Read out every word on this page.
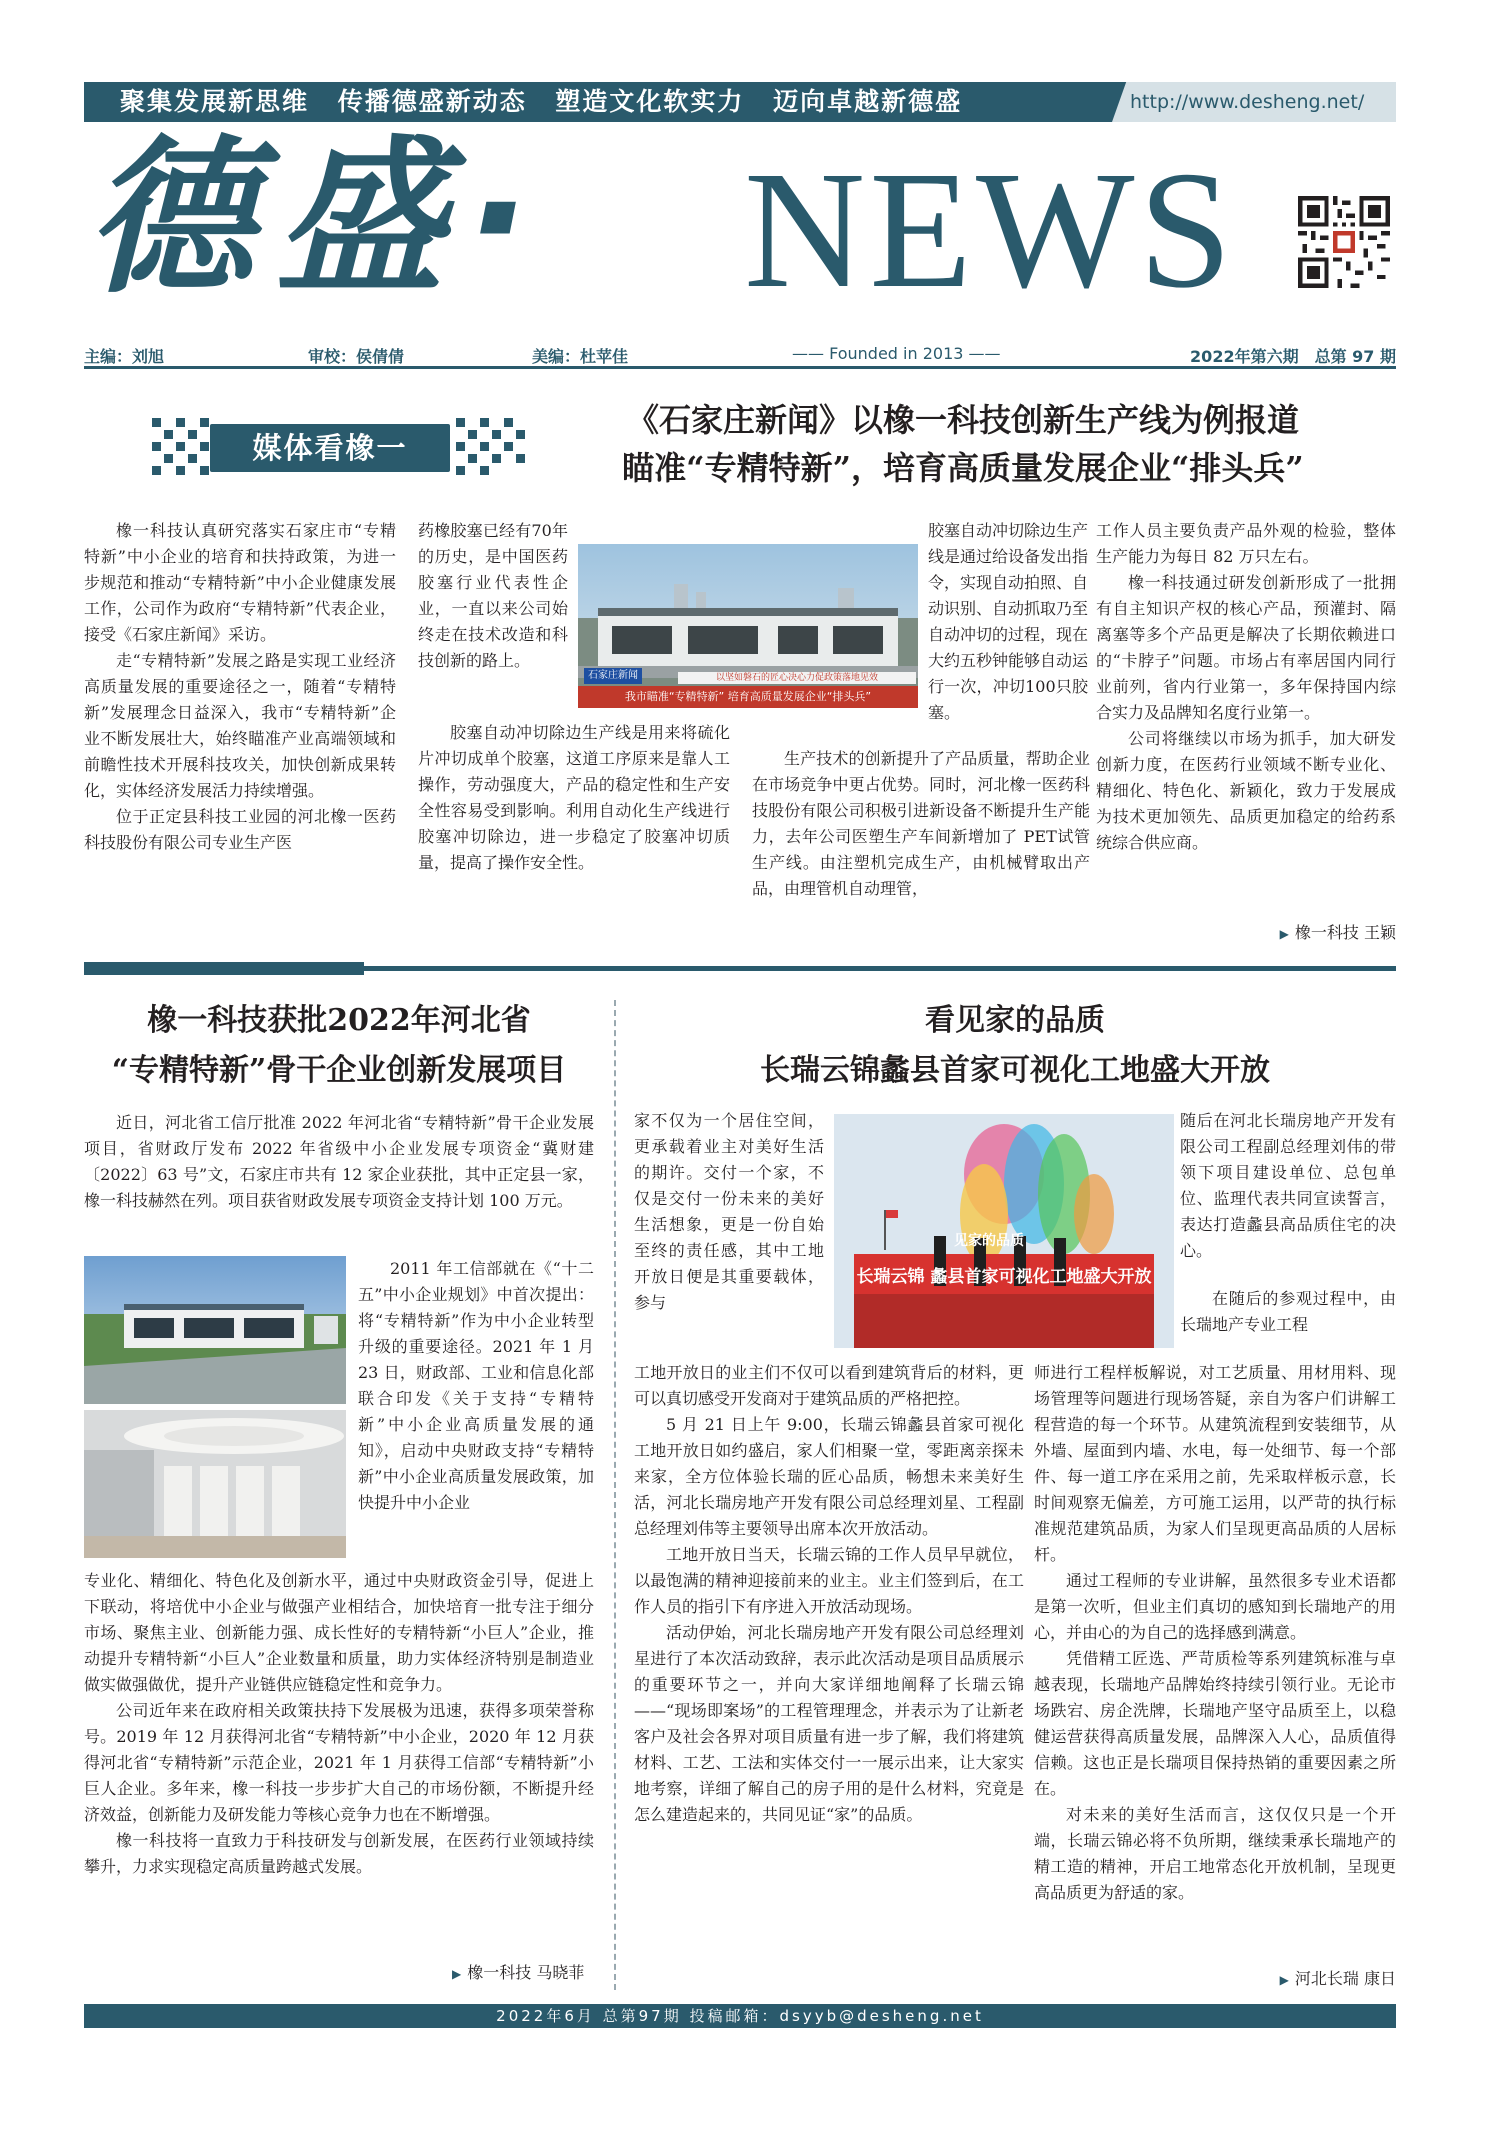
聚集发展新思维 传播德盛新动态 塑造文化软实力 迈向卓越新德盛	http://www.desheng.net/
德盛· NEWS
主编：刘旭	审校：侯倩倩	美编：杜苹佳	—— Founded in 2013 ——	2022年第六期　总第 97 期
媒体看橡一
《石家庄新闻》以橡一科技创新生产线为例报道
瞄准“专精特新”，培育高质量发展企业“排头兵”

橡一科技认真研究落实石家庄市“专精特新”中小企业的培育和扶持政策，为进一步规范和推动“专精特新”中小企业健康发展工作，公司作为政府“专精特新”代表企业，接受《石家庄新闻》采访。

走“专精特新”发展之路是实现工业经济高质量发展的重要途径之一，随着“专精特新”发展理念日益深入，我市“专精特新”企业不断发展壮大，始终瞄准产业高端领域和前瞻性技术开展科技攻关，加快创新成果转化，实体经济发展活力持续增强。

位于正定县科技工业园的河北橡一医药科技股份有限公司专业生产医

药橡胶塞已经有70年的历史，是中国医药胶塞行业代表性企业，一直以来公司始终走在技术改造和科技创新的路上。
石家庄新闻	以坚如磐石的匠心决心力促政策落地见效
我市瞄准“专精特新” 培育高质量发展企业“排头兵”

胶塞自动冲切除边生产线是用来将硫化片冲切成单个胶塞，这道工序原来是靠人工操作，劳动强度大，产品的稳定性和生产安全性容易受到影响。利用自动化生产线进行胶塞冲切除边，进一步稳定了胶塞冲切质量，提高了操作安全性。

胶塞自动冲切除边生产线是通过给设备发出指令，实现自动拍照、自动识别、自动抓取乃至自动冲切的过程，现在大约五秒钟能够自动运行一次，冲切100只胶塞。

生产技术的创新提升了产品质量，帮助企业在市场竞争中更占优势。同时，河北橡一医药科技股份有限公司积极引进新设备不断提升生产能力，去年公司医塑生产车间新增加了 PET试管生产线。由注塑机完成生产，由机械臂取出产品，由理管机自动理管，

工作人员主要负责产品外观的检验，整体生产能力为每日 82 万只左右。

橡一科技通过研发创新形成了一批拥有自主知识产权的核心产品，预灌封、隔离塞等多个产品更是解决了长期依赖进口的“卡脖子”问题。市场占有率居国内同行业前列，省内行业第一，多年保持国内综合实力及品牌知名度行业第一。

公司将继续以市场为抓手，加大研发创新力度，在医药行业领域不断专业化、精细化、特色化、新颖化，致力于发展成为技术更加领先、品质更加稳定的给药系统综合供应商。

▶ 橡一科技 王颖
橡一科技获批2022年河北省
“专精特新”骨干企业创新发展项目

近日，河北省工信厅批准 2022 年河北省“专精特新”骨干企业发展项目，省财政厅发布 2022 年省级中小企业发展专项资金“冀财建〔2022〕63 号”文，石家庄市共有 12 家企业获批，其中正定县一家，橡一科技赫然在列。项目获省财政发展专项资金支持计划 100 万元。

2011 年工信部就在《“十二五”中小企业规划》中首次提出：将“专精特新”作为中小企业转型升级的重要途径。2021 年 1 月 23 日，财政部、工业和信息化部联合印发《关于支持“专精特新”中小企业高质量发展的通知》，启动中央财政支持“专精特新”中小企业高质量发展政策，加快提升中小企业

专业化、精细化、特色化及创新水平，通过中央财政资金引导，促进上下联动，将培优中小企业与做强产业相结合，加快培育一批专注于细分市场、聚焦主业、创新能力强、成长性好的专精特新“小巨人”企业，推动提升专精特新“小巨人”企业数量和质量，助力实体经济特别是制造业做实做强做优，提升产业链供应链稳定性和竞争力。

公司近年来在政府相关政策扶持下发展极为迅速，获得多项荣誉称号。2019 年 12 月获得河北省“专精特新”中小企业，2020 年 12 月获得河北省“专精特新”示范企业，2021 年 1 月获得工信部“专精特新”小巨人企业。多年来，橡一科技一步步扩大自己的市场份额，不断提升经济效益，创新能力及研发能力等核心竞争力也在不断增强。

橡一科技将一直致力于科技研发与创新发展，在医药行业领域持续攀升，力求实现稳定高质量跨越式发展。

▶ 橡一科技 马晓菲
看见家的品质
长瑞云锦蠡县首家可视化工地盛大开放
家不仅为一个居住空间，更承载着业主对美好生活的期许。交付一个家，不仅是交付一份未来的美好生活想象，更是一份自始至终的责任感，其中工地开放日便是其重要载体，参与
见家的品质
长瑞云锦 蠡县首家可视化工地盛大开放
随后在河北长瑞房地产开发有限公司工程副总经理刘伟的带领下项目建设单位、总包单位、监理代表共同宣读誓言，表达打造蠡县高品质住宅的决心。

在随后的参观过程中，由长瑞地产专业工程

工地开放日的业主们不仅可以看到建筑背后的材料，更可以真切感受开发商对于建筑品质的严格把控。

5 月 21 日上午 9:00，长瑞云锦蠡县首家可视化工地开放日如约盛启，家人们相聚一堂，零距离亲探未来家，全方位体验长瑞的匠心品质，畅想未来美好生活，河北长瑞房地产开发有限公司总经理刘星、工程副总经理刘伟等主要领导出席本次开放活动。

工地开放日当天，长瑞云锦的工作人员早早就位，以最饱满的精神迎接前来的业主。业主们签到后，在工作人员的指引下有序进入开放活动现场。

活动伊始，河北长瑞房地产开发有限公司总经理刘星进行了本次活动致辞，表示此次活动是项目品质展示的重要环节之一，并向大家详细地阐释了长瑞云锦——“现场即案场”的工程管理理念，并表示为了让新老客户及社会各界对项目质量有进一步了解，我们将建筑材料、工艺、工法和实体交付一一展示出来，让大家实地考察，详细了解自己的房子用的是什么材料，究竟是怎么建造起来的，共同见证“家”的品质。

师进行工程样板解说，对工艺质量、用材用料、现场管理等问题进行现场答疑，亲自为客户们讲解工程营造的每一个环节。从建筑流程到安装细节，从外墙、屋面到内墙、水电，每一处细节、每一个部件、每一道工序在采用之前，先采取样板示意，长时间观察无偏差，方可施工运用，以严苛的执行标准规范建筑品质，为家人们呈现更高品质的人居标杆。

通过工程师的专业讲解，虽然很多专业术语都是第一次听，但业主们真切的感知到长瑞地产的用心，并由心的为自己的选择感到满意。

凭借精工匠选、严苛质检等系列建筑标准与卓越表现，长瑞地产品牌始终持续引领行业。无论市场跌宕、房企洗牌，长瑞地产坚守品质至上，以稳健运营获得高质量发展，品牌深入人心，品质值得信赖。这也正是长瑞项目保持热销的重要因素之所在。

对未来的美好生活而言，这仅仅只是一个开端，长瑞云锦必将不负所期，继续秉承长瑞地产的精工造的精神，开启工地常态化开放机制，呈现更高品质更为舒适的家。

▶ 河北长瑞 康日
2022年6月 总第97期 投稿邮箱：dsyyb@desheng.net
